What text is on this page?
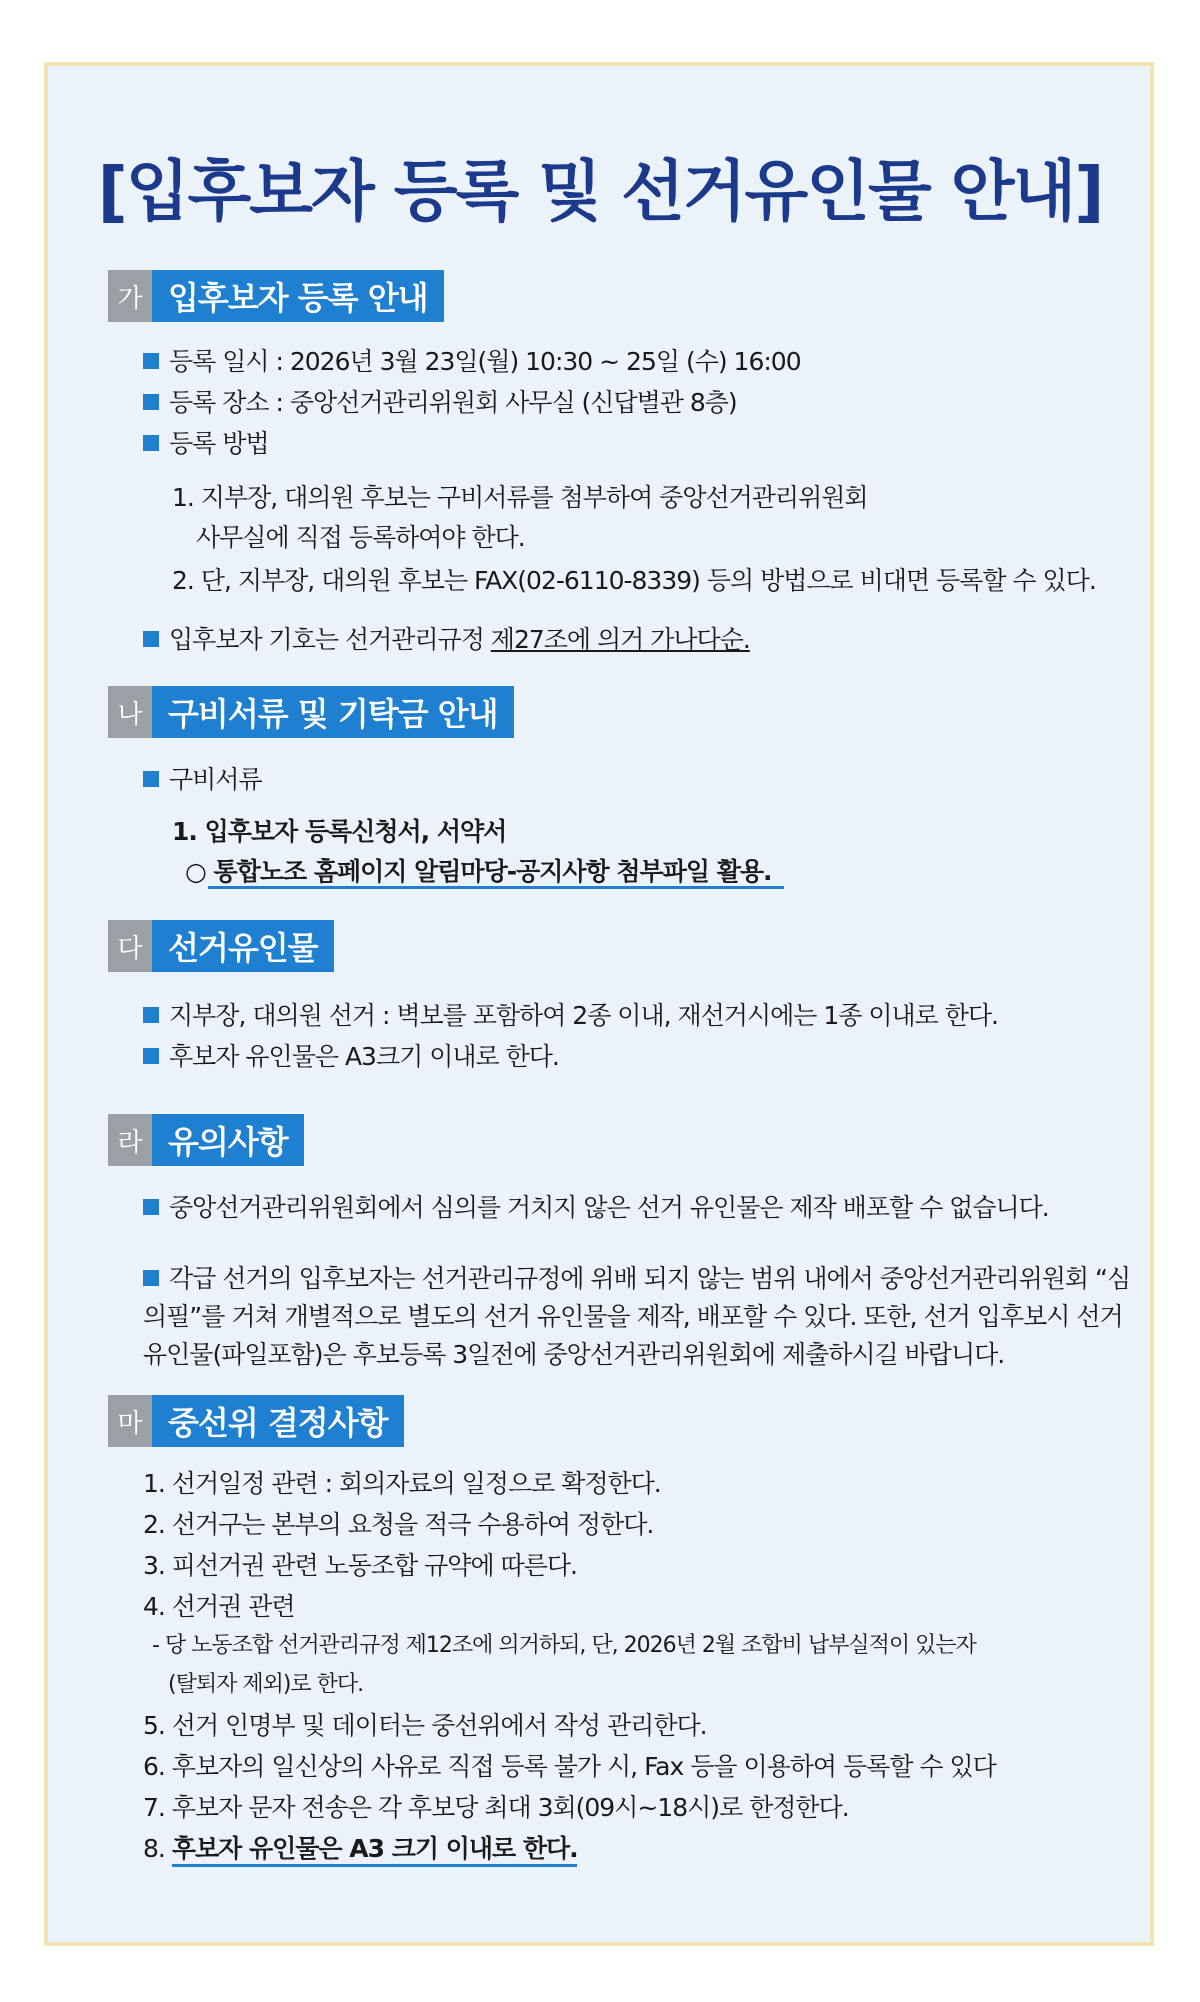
[입후보자 등록 및 선거유인물 안내]
가 입후보자 등록 안내
등록 일시 : 2026년 3월 23일(월) 10:30 ~ 25일 (수) 16:00
등록 장소 : 중앙선거관리위원회 사무실 (신답별관 8층)
등록 방법
1. 지부장, 대의원 후보는 구비서류를 첨부하여 중앙선거관리위원회
사무실에 직접 등록하여야 한다.
2. 단, 지부장, 대의원 후보는 FAX(02-6110-8339) 등의 방법으로 비대면 등록할 수 있다.
입후보자 기호는 선거관리규정 제27조에 의거 가나다순.
나 구비서류 및 기탁금 안내
구비서류
1. 입후보자 등록신청서, 서약서
○ 통합노조 홈페이지 알림마당-공지사항 첨부파일 활용.
다 선거유인물
지부장, 대의원 선거 : 벽보를 포함하여 2종 이내, 재선거시에는 1종 이내로 한다.
후보자 유인물은 A3크기 이내로 한다.
라 유의사항
중앙선거관리위원회에서 심의를 거치지 않은 선거 유인물은 제작 배포할 수 없습니다.
각급 선거의 입후보자는 선거관리규정에 위배 되지 않는 범위 내에서 중앙선거관리위원회 “심의필”를 거쳐 개별적으로 별도의 선거 유인물을 제작, 배포할 수 있다. 또한, 선거 입후보시 선거 유인물(파일포함)은 후보등록 3일전에 중앙선거관리위원회에 제출하시길 바랍니다.
마 중선위 결정사항
1. 선거일정 관련 : 회의자료의 일정으로 확정한다.
2. 선거구는 본부의 요청을 적극 수용하여 정한다.
3. 피선거권 관련 노동조합 규약에 따른다.
4. 선거권 관련
- 당 노동조합 선거관리규정 제12조에 의거하되, 단, 2026년 2월 조합비 납부실적이 있는자
(탈퇴자 제외)로 한다.
5. 선거 인명부 및 데이터는 중선위에서 작성 관리한다.
6. 후보자의 일신상의 사유로 직접 등록 불가 시, Fax 등을 이용하여 등록할 수 있다
7. 후보자 문자 전송은 각 후보당 최대 3회(09시~18시)로 한정한다.
8. 후보자 유인물은 A3 크기 이내로 한다.
